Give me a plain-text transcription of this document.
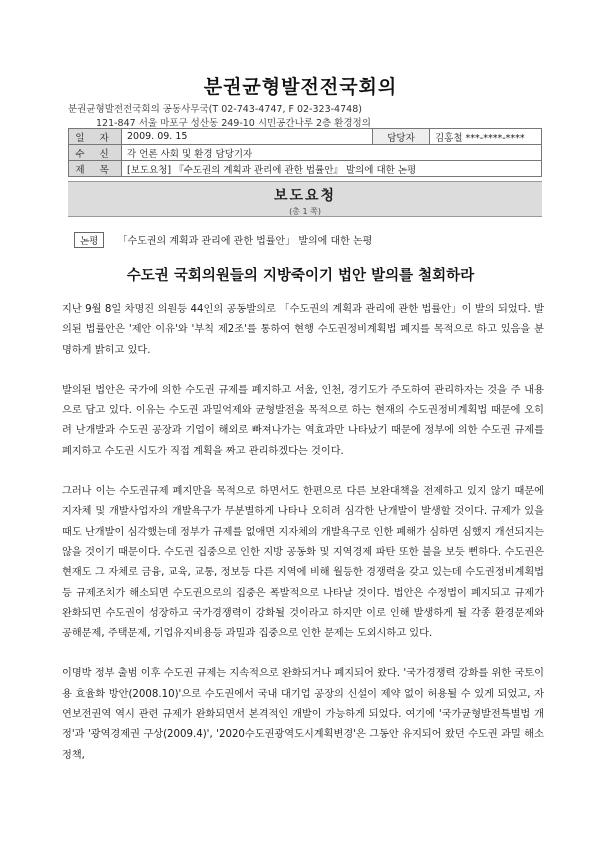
분권균형발전전국회의
분권균형발전전국회의 공동사무국(T 02-743-4747, F 02-323-4748)
121-847 서울 마포구 성산동 249-10 시민공간나루 2층 환경정의
일 자	2009. 09. 15	담당자	김홍철 ***-****-****
수 신	각 언론 사회 및 환경 담당기자		
제 목	[보도요청] 『수도권의 계획과 관리에 관한 법률안』 발의에 대한 논평		
보도요청
(총 1 쪽)
논평 「수도권의 계획과 관리에 관한 법률안」 발의에 대한 논평
수도권 국회의원들의 지방죽이기 법안 발의를 철회하라

지난 9월 8일 차명진 의원등 44인의 공동발의로 「수도권의 계획과 관리에 관한 법률안」이 발의 되었다. 발의된 법률안은 '제안 이유'와 '부칙 제2조'를 통하여 현행 수도권정비계획법 폐지를 목적으로 하고 있음을 분명하게 밝히고 있다.

발의된 법안은 국가에 의한 수도권 규제를 폐지하고 서울, 인천, 경기도가 주도하여 관리하자는 것을 주 내용으로 담고 있다. 이유는 수도권 과밀억제와 균형발전을 목적으로 하는 현재의 수도권정비계획법 때문에 오히려 난개발과 수도권 공장과 기업이 해외로 빠져나가는 역효과만 나타났기 때문에 정부에 의한 수도권 규제를 폐지하고 수도권 시도가 직접 계획을 짜고 관리하겠다는 것이다.

그러나 이는 수도권규제 폐지만을 목적으로 하면서도 한편으로 다른 보완대책을 전제하고 있지 않기 때문에 지자체 및 개발사업자의 개발욕구가 무분별하게 나타나 오히려 심각한 난개발이 발생할 것이다. 규제가 있을 때도 난개발이 심각했는데 정부가 규제를 없애면 지자체의 개발욕구로 인한 폐해가 심하면 심했지 개선되지는 않을 것이기 때문이다. 수도권 집중으로 인한 지방 공동화 및 지역경제 파탄 또한 불을 보듯 뻔하다. 수도권은 현재도 그 자체로 금융, 교육, 교통, 정보등 다른 지역에 비해 월등한 경쟁력을 갖고 있는데 수도권정비계획법등 규제조치가 해소되면 수도권으로의 집중은 폭발적으로 나타날 것이다. 법안은 수정법이 폐지되고 규제가 완화되면 수도권이 성장하고 국가경쟁력이 강화될 것이라고 하지만 이로 인해 발생하게 될 각종 환경문제와 공해문제, 주택문제, 기업유지비용등 과밀과 집중으로 인한 문제는 도외시하고 있다.

이명박 정부 출범 이후 수도권 규제는 지속적으로 완화되거나 폐지되어 왔다. '국가경쟁력 강화를 위한 국토이용 효율화 방안(2008.10)'으로 수도권에서 국내 대기업 공장의 신설이 제약 없이 허용될 수 있게 되었고, 자연보전권역 역시 관련 규제가 완화되면서 본격적인 개발이 가능하게 되었다. 여기에 '국가균형발전특별법 개정'과 '광역경제권 구상(2009.4)', '2020수도권광역도시계획변경'은 그동안 유지되어 왔던 수도권 과밀 해소 정책,
